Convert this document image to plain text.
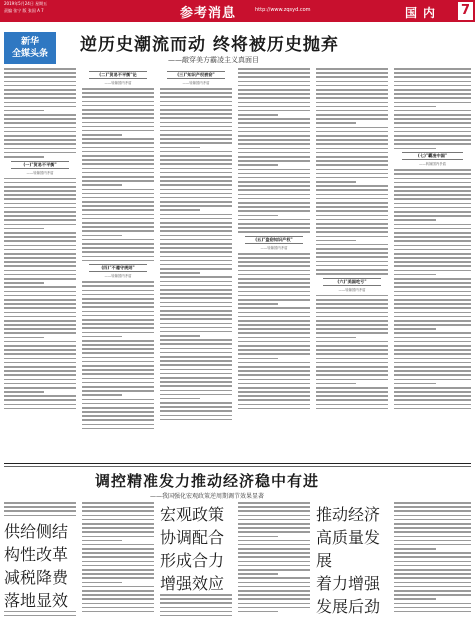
2019年5月24日 星期五
责编 张宁 版 张国 A 7	参考消息	http://www.zqsyd.com	国内 7
新华
全媒头条 逆历史潮流而动 终将被历史抛弃
——敲穿美方霸凌主义真面目
(一)"贸易不平衡"
——转嫁国内矛盾
(二)"贸易不平衡"论
——转嫁国内矛盾
(四)"不遵守规则"
——转嫁国内矛盾
(三)"知识产权被窃"
——转嫁国内矛盾
(五)"盗窃知识产权"
——转嫁国内矛盾
(六)"美国吃亏"
——转嫁国内矛盾
(七)"霸凌中国"
——转嫁国内矛盾
调控精准发力推动经济稳中有进
——我国强化宏观政策逆周期调节效果显著
供给侧结构性改革
减税降费落地显效
宏观政策协调配合
形成合力增强效应
推动经济高质量发展
着力增强发展后劲
